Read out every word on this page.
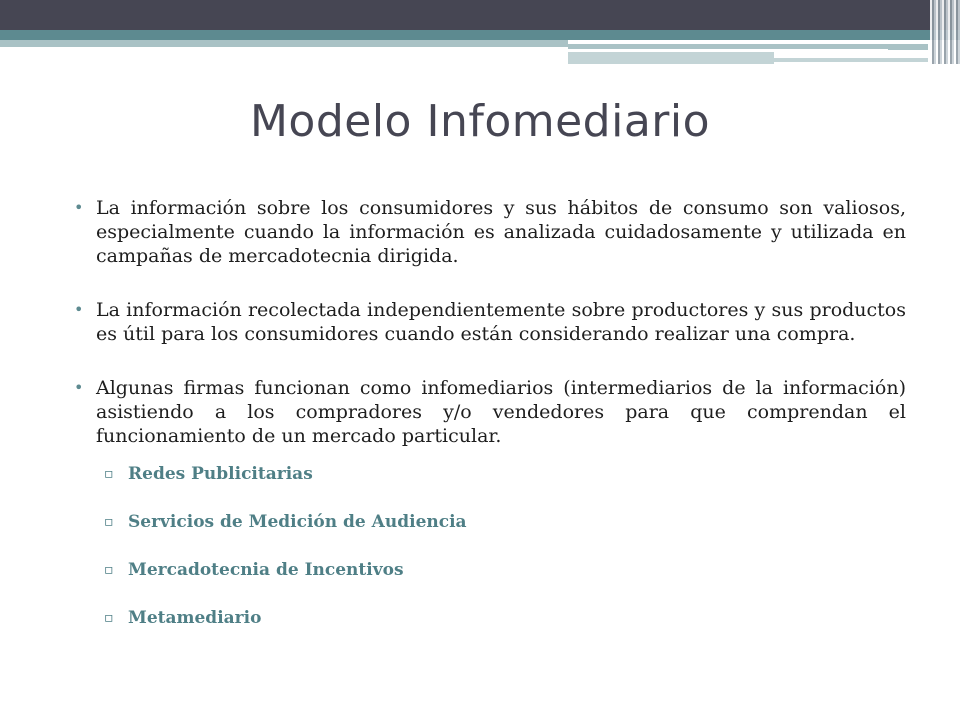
Modelo Infomediario
• La información sobre los consumidores y sus hábitos de consumo son valiosos, especialmente cuando la información es analizada cuidadosamente y utilizada en campañas de mercadotecnia dirigida.
• La información recolectada independientemente sobre productores y sus productos es útil para los consumidores cuando están considerando realizar una compra.
• Algunas firmas funcionan como infomediarios (intermediarios de la información) asistiendo a los compradores y/o vendedores para que comprendan el funcionamiento de un mercado particular.
▫ Redes Publicitarias
▫ Servicios de Medición de Audiencia
▫ Mercadotecnia de Incentivos
▫ Metamediario
